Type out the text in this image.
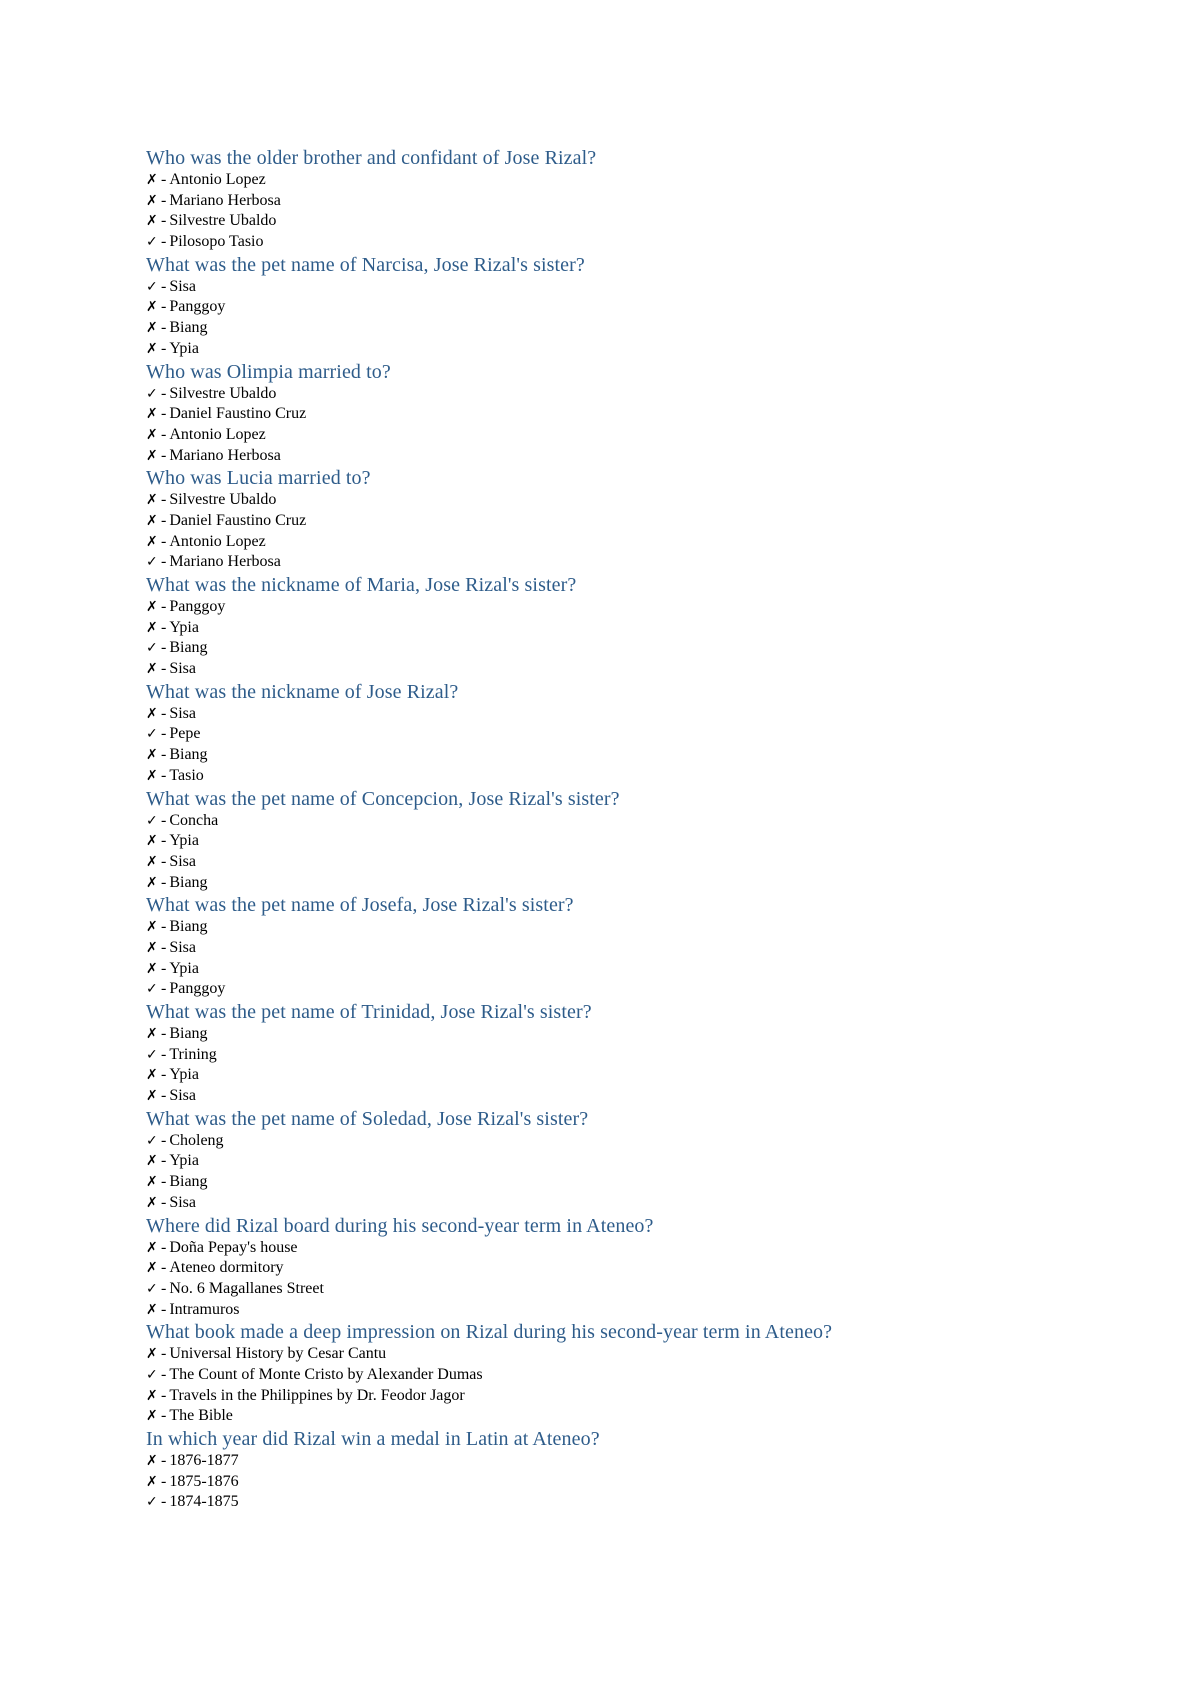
Who was the older brother and confidant of Jose Rizal?
✗ - Antonio Lopez
✗ - Mariano Herbosa
✗ - Silvestre Ubaldo
✓ - Pilosopo Tasio
What was the pet name of Narcisa, Jose Rizal's sister?
✓ - Sisa
✗ - Panggoy
✗ - Biang
✗ - Ypia
Who was Olimpia married to?
✓ - Silvestre Ubaldo
✗ - Daniel Faustino Cruz
✗ - Antonio Lopez
✗ - Mariano Herbosa
Who was Lucia married to?
✗ - Silvestre Ubaldo
✗ - Daniel Faustino Cruz
✗ - Antonio Lopez
✓ - Mariano Herbosa
What was the nickname of Maria, Jose Rizal's sister?
✗ - Panggoy
✗ - Ypia
✓ - Biang
✗ - Sisa
What was the nickname of Jose Rizal?
✗ - Sisa
✓ - Pepe
✗ - Biang
✗ - Tasio
What was the pet name of Concepcion, Jose Rizal's sister?
✓ - Concha
✗ - Ypia
✗ - Sisa
✗ - Biang
What was the pet name of Josefa, Jose Rizal's sister?
✗ - Biang
✗ - Sisa
✗ - Ypia
✓ - Panggoy
What was the pet name of Trinidad, Jose Rizal's sister?
✗ - Biang
✓ - Trining
✗ - Ypia
✗ - Sisa
What was the pet name of Soledad, Jose Rizal's sister?
✓ - Choleng
✗ - Ypia
✗ - Biang
✗ - Sisa
Where did Rizal board during his second-year term in Ateneo?
✗ - Doña Pepay's house
✗ - Ateneo dormitory
✓ - No. 6 Magallanes Street
✗ - Intramuros
What book made a deep impression on Rizal during his second-year term in Ateneo?
✗ - Universal History by Cesar Cantu
✓ - The Count of Monte Cristo by Alexander Dumas
✗ - Travels in the Philippines by Dr. Feodor Jagor
✗ - The Bible
In which year did Rizal win a medal in Latin at Ateneo?
✗ - 1876-1877
✗ - 1875-1876
✓ - 1874-1875
